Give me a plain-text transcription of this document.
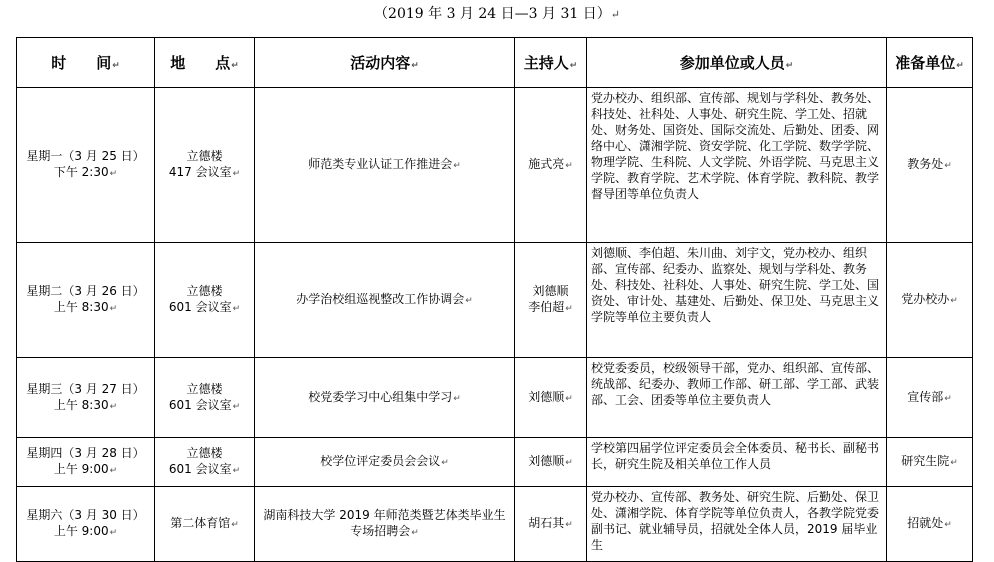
（2019 年 3 月 24 日—3 月 31 日）↵
时　　间↵	地　　点↵	活动内容↵	主持人↵	参加单位或人员↵	准备单位↵

星期一（3 月 25 日）
下午 2:30↵	立德楼
417 会议室↵	师范类专业认证工作推进会↵	施式亮↵	党办校办、组织部、宣传部、规划与学科处、教务处、科技处、社科处、人事处、研究生院、学工处、招就处、财务处、国资处、国际交流处、后勤处、团委、网络中心、潇湘学院、资安学院、化工学院、数学学院、物理学院、生科院、人文学院、外语学院、马克思主义学院、教育学院、艺术学院、体育学院、教科院、教学督导团等单位负责人	教务处↵

星期二（3 月 26 日）
上午 8:30↵	立德楼
601 会议室↵	办学治校组巡视整改工作协调会↵	刘德顺
李伯超↵	刘德顺、李伯超、朱川曲、刘宇文，党办校办、组织部、宣传部、纪委办、监察处、规划与学科处、教务处、科技处、社科处、人事处、研究生院、学工处、国资处、审计处、基建处、后勤处、保卫处、马克思主义学院等单位主要负责人	党办校办↵

星期三（3 月 27 日）
上午 8:30↵	立德楼
601 会议室↵	校党委学习中心组集中学习↵	刘德顺↵	校党委委员，校级领导干部，党办、组织部、宣传部、统战部、纪委办、教师工作部、研工部、学工部、武装部、工会、团委等单位主要负责人	宣传部↵

星期四（3 月 28 日）
上午 9:00↵	立德楼
601 会议室↵	校学位评定委员会会议↵	刘德顺↵	学校第四届学位评定委员会全体委员、秘书长、副秘书长，研究生院及相关单位工作人员	研究生院↵

星期六（3 月 30 日）
上午 9:00↵	第二体育馆↵	湖南科技大学 2019 年师范类暨艺体类毕业生专场招聘会↵	胡石其↵	党办校办、宣传部、教务处、研究生院、后勤处、保卫处、潇湘学院、体育学院等单位负责人，各教学院党委副书记、就业辅导员，招就处全体人员，2019 届毕业生	招就处↵
